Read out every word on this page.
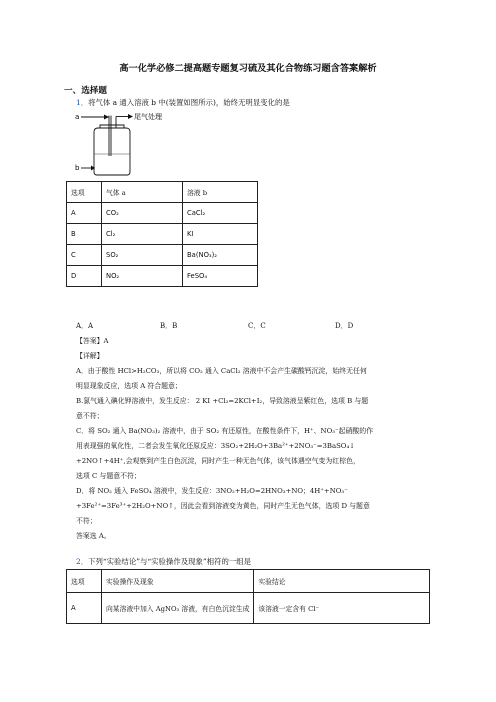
高一化学必修二提高题专题复习硫及其化合物练习题含答案解析
一、选择题
1．将气体 a 通入溶液 b 中(装置如图所示)，始终无明显变化的是
a	尾气处理
b
选项	气体 a	溶液 b
A	CO₂	CaCl₂
B	Cl₂	KI
C	SO₂	Ba(NO₃)₂
D	NO₂	FeSO₄
A．A	B．B	C．C	D．D
【答案】A
【详解】
A．由于酸性 HCl>H₂CO₃，所以将 CO₂ 通入 CaCl₂ 溶液中不会产生碳酸钙沉淀，始终无任何
明显现象反应，选项 A 符合题意；
B.氯气通入碘化钾溶液中，发生反应： 2 KI +Cl₂=2KCl+I₂，导致溶液呈紫红色，选项 B 与题
意不符；
C．将 SO₂ 通入 Ba(NO₃)₂ 溶液中，由于 SO₂ 有还原性，在酸性条件下，H⁺、NO₃⁻起硝酸的作
用表现强的氧化性，二者会发生氧化还原反应：3SO₂+2H₂O+3Ba²⁺+2NO₃⁻=3BaSO₄↓
+2NO↑+4H⁺,会观察到产生白色沉淀，同时产生一种无色气体，该气体遇空气变为红棕色，
选项 C 与题意不符；
D．将 NO₂ 通入 FeSO₄ 溶液中，发生反应：3NO₂+H₂O=2HNO₃+NO；4H⁺+NO₃⁻
+3Fe²⁺=3Fe³⁺+2H₂O+NO↑，因此会看到溶液变为黄色，同时产生无色气体，选项 D 与题意
不符；
答案选 A。
2．下列“实验结论”与“实验操作及现象”相符的一组是
选项	实验操作及现象	实验结论
A	向某溶液中加入 AgNO₃ 溶液，有白色沉淀生成	该溶液一定含有 Cl⁻
